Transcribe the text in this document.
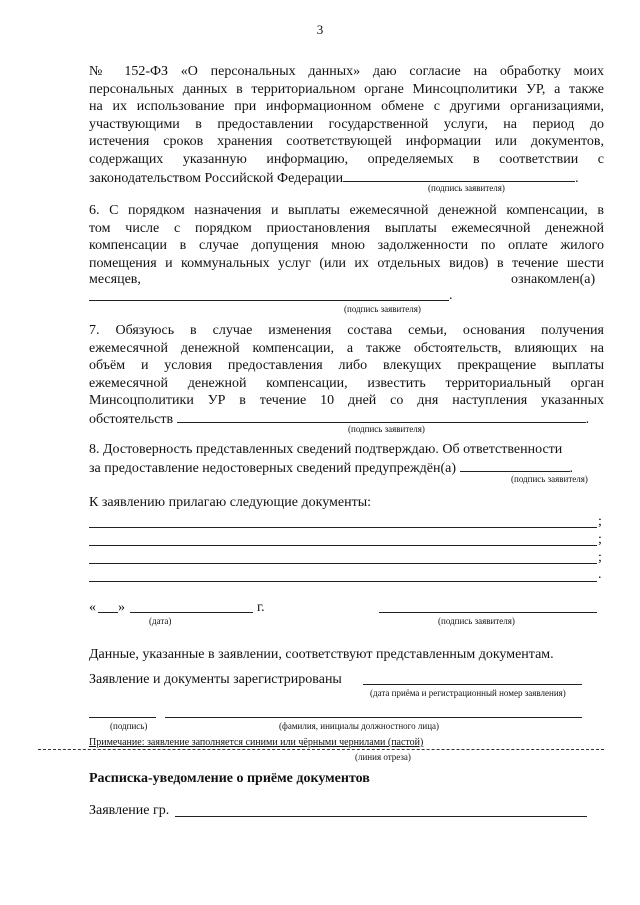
3
№ 152-ФЗ «О персональных данных» даю согласие на обработку моих
персональных данных в территориальном органе Минсоцполитики УР, а также
на их использование при информационном обмене с другими организациями,
участвующими в предоставлении государственной услуги, на период до
истечения сроков хранения соответствующей информации или документов,
содержащих указанную информацию, определяемых в соответствии с
законодательством Российской Федерации	.
(подпись заявителя)
6. С порядком назначения и выплаты ежемесячной денежной компенсации, в
том числе с порядком приостановления выплаты ежемесячной денежной
компенсации в случае допущения мною задолженности по оплате жилого
помещения и коммунальных услуг (или их отдельных видов) в течение шести
месяцев,	ознакомлен(а)
.
(подпись заявителя)
7. Обязуюсь в случае изменения состава семьи, основания получения
ежемесячной денежной компенсации, а также обстоятельств, влияющих на
объём и условия предоставления либо влекущих прекращение выплаты
ежемесячной денежной компенсации, известить территориальный орган
Минсоцполитики УР в течение 10 дней со дня наступления указанных
обстоятельств	.
(подпись заявителя)
8. Достоверность представленных сведений подтверждаю. Об ответственности
за предоставление недостоверных сведений предупреждён(а)	.
(подпись заявителя)
К заявлению прилагаю следующие документы:
;
;
;
.
« »	г.
(дата)	(подпись заявителя)
Данные, указанные в заявлении, соответствуют представленным документам.
Заявление и документы зарегистрированы
(дата приёма и регистрационный номер заявления)
(подпись)	(фамилия, инициалы должностного лица)
Примечание: заявление заполняется синими или чёрными чернилами (пастой)
(линия отреза)
Расписка-уведомление о приёме документов
Заявление гр.
